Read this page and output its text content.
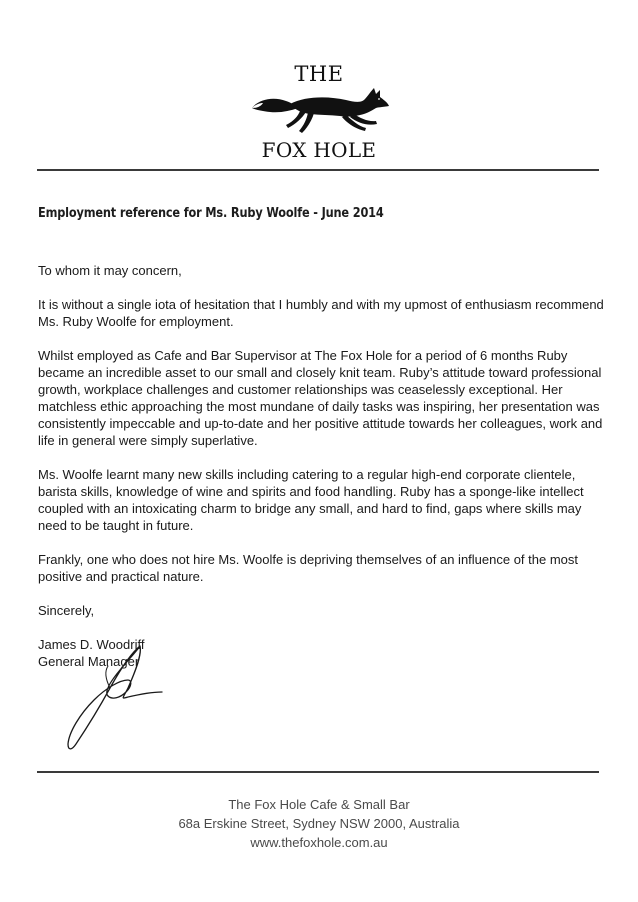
THE
FOX HOLE
Employment reference for Ms. Ruby Woolfe - June 2014

To whom it may concern,

It is without a single iota of hesitation that I humbly and with my upmost of enthusiasm recommend Ms. Ruby Woolfe for employment.

Whilst employed as Cafe and Bar Supervisor at The Fox Hole for a period of 6 months Ruby became an incredible asset to our small and closely knit team. Ruby’s attitude toward professional growth, workplace challenges and customer relationships was ceaselessly exceptional. Her matchless ethic approaching the most mundane of daily tasks was inspiring, her presentation was consistently impeccable and up-to-date and her positive attitude towards her colleagues, work and life in general were simply superlative.

Ms. Woolfe learnt many new skills including catering to a regular high-end corporate clientele, barista skills, knowledge of wine and spirits and food handling. Ruby has a sponge-like intellect coupled with an intoxicating charm to bridge any small, and hard to find, gaps where skills may need to be taught in future.

Frankly, one who does not hire Ms. Woolfe is depriving themselves of an influence of the most positive and practical nature.

Sincerely,

James D. Woodriff

General Manager

The Fox Hole Cafe & Small Bar
68a Erskine Street, Sydney NSW 2000, Australia
www.thefoxhole.com.au
